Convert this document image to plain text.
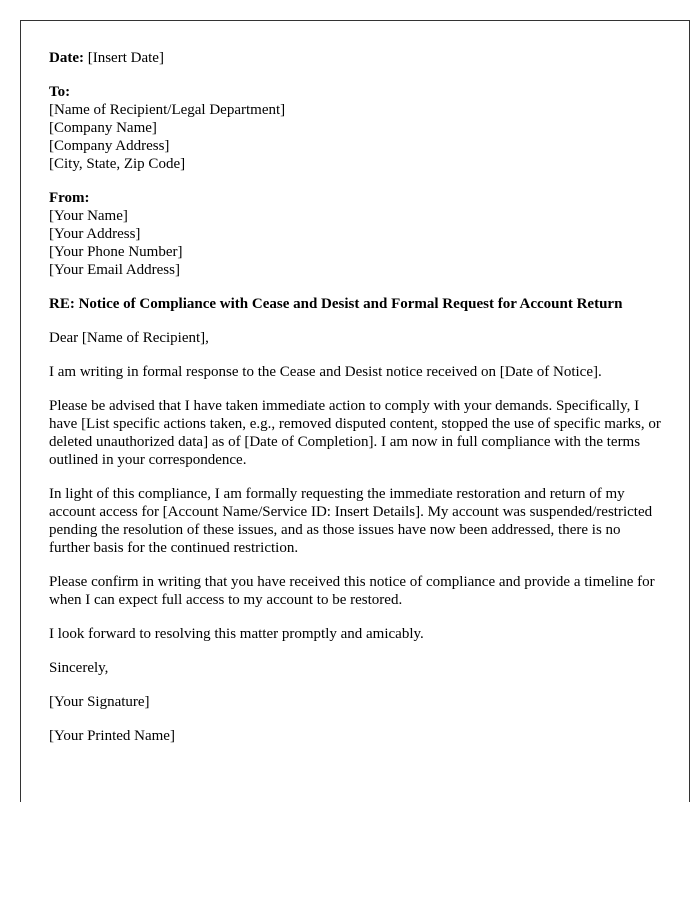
Date: [Insert Date]

To:
[Name of Recipient/Legal Department]
[Company Name]
[Company Address]
[City, State, Zip Code]

From:
[Your Name]
[Your Address]
[Your Phone Number]
[Your Email Address]

RE: Notice of Compliance with Cease and Desist and Formal Request for Account Return

Dear [Name of Recipient],

I am writing in formal response to the Cease and Desist notice received on [Date of Notice].

Please be advised that I have taken immediate action to comply with your demands. Specifically, I have [List specific actions taken, e.g., removed disputed content, stopped the use of specific marks, or deleted unauthorized data] as of [Date of Completion]. I am now in full compliance with the terms outlined in your correspondence.

In light of this compliance, I am formally requesting the immediate restoration and return of my account access for [Account Name/Service ID: Insert Details]. My account was suspended/restricted pending the resolution of these issues, and as those issues have now been addressed, there is no further basis for the continued restriction.

Please confirm in writing that you have received this notice of compliance and provide a timeline for when I can expect full access to my account to be restored.

I look forward to resolving this matter promptly and amicably.

Sincerely,

[Your Signature]

[Your Printed Name]
